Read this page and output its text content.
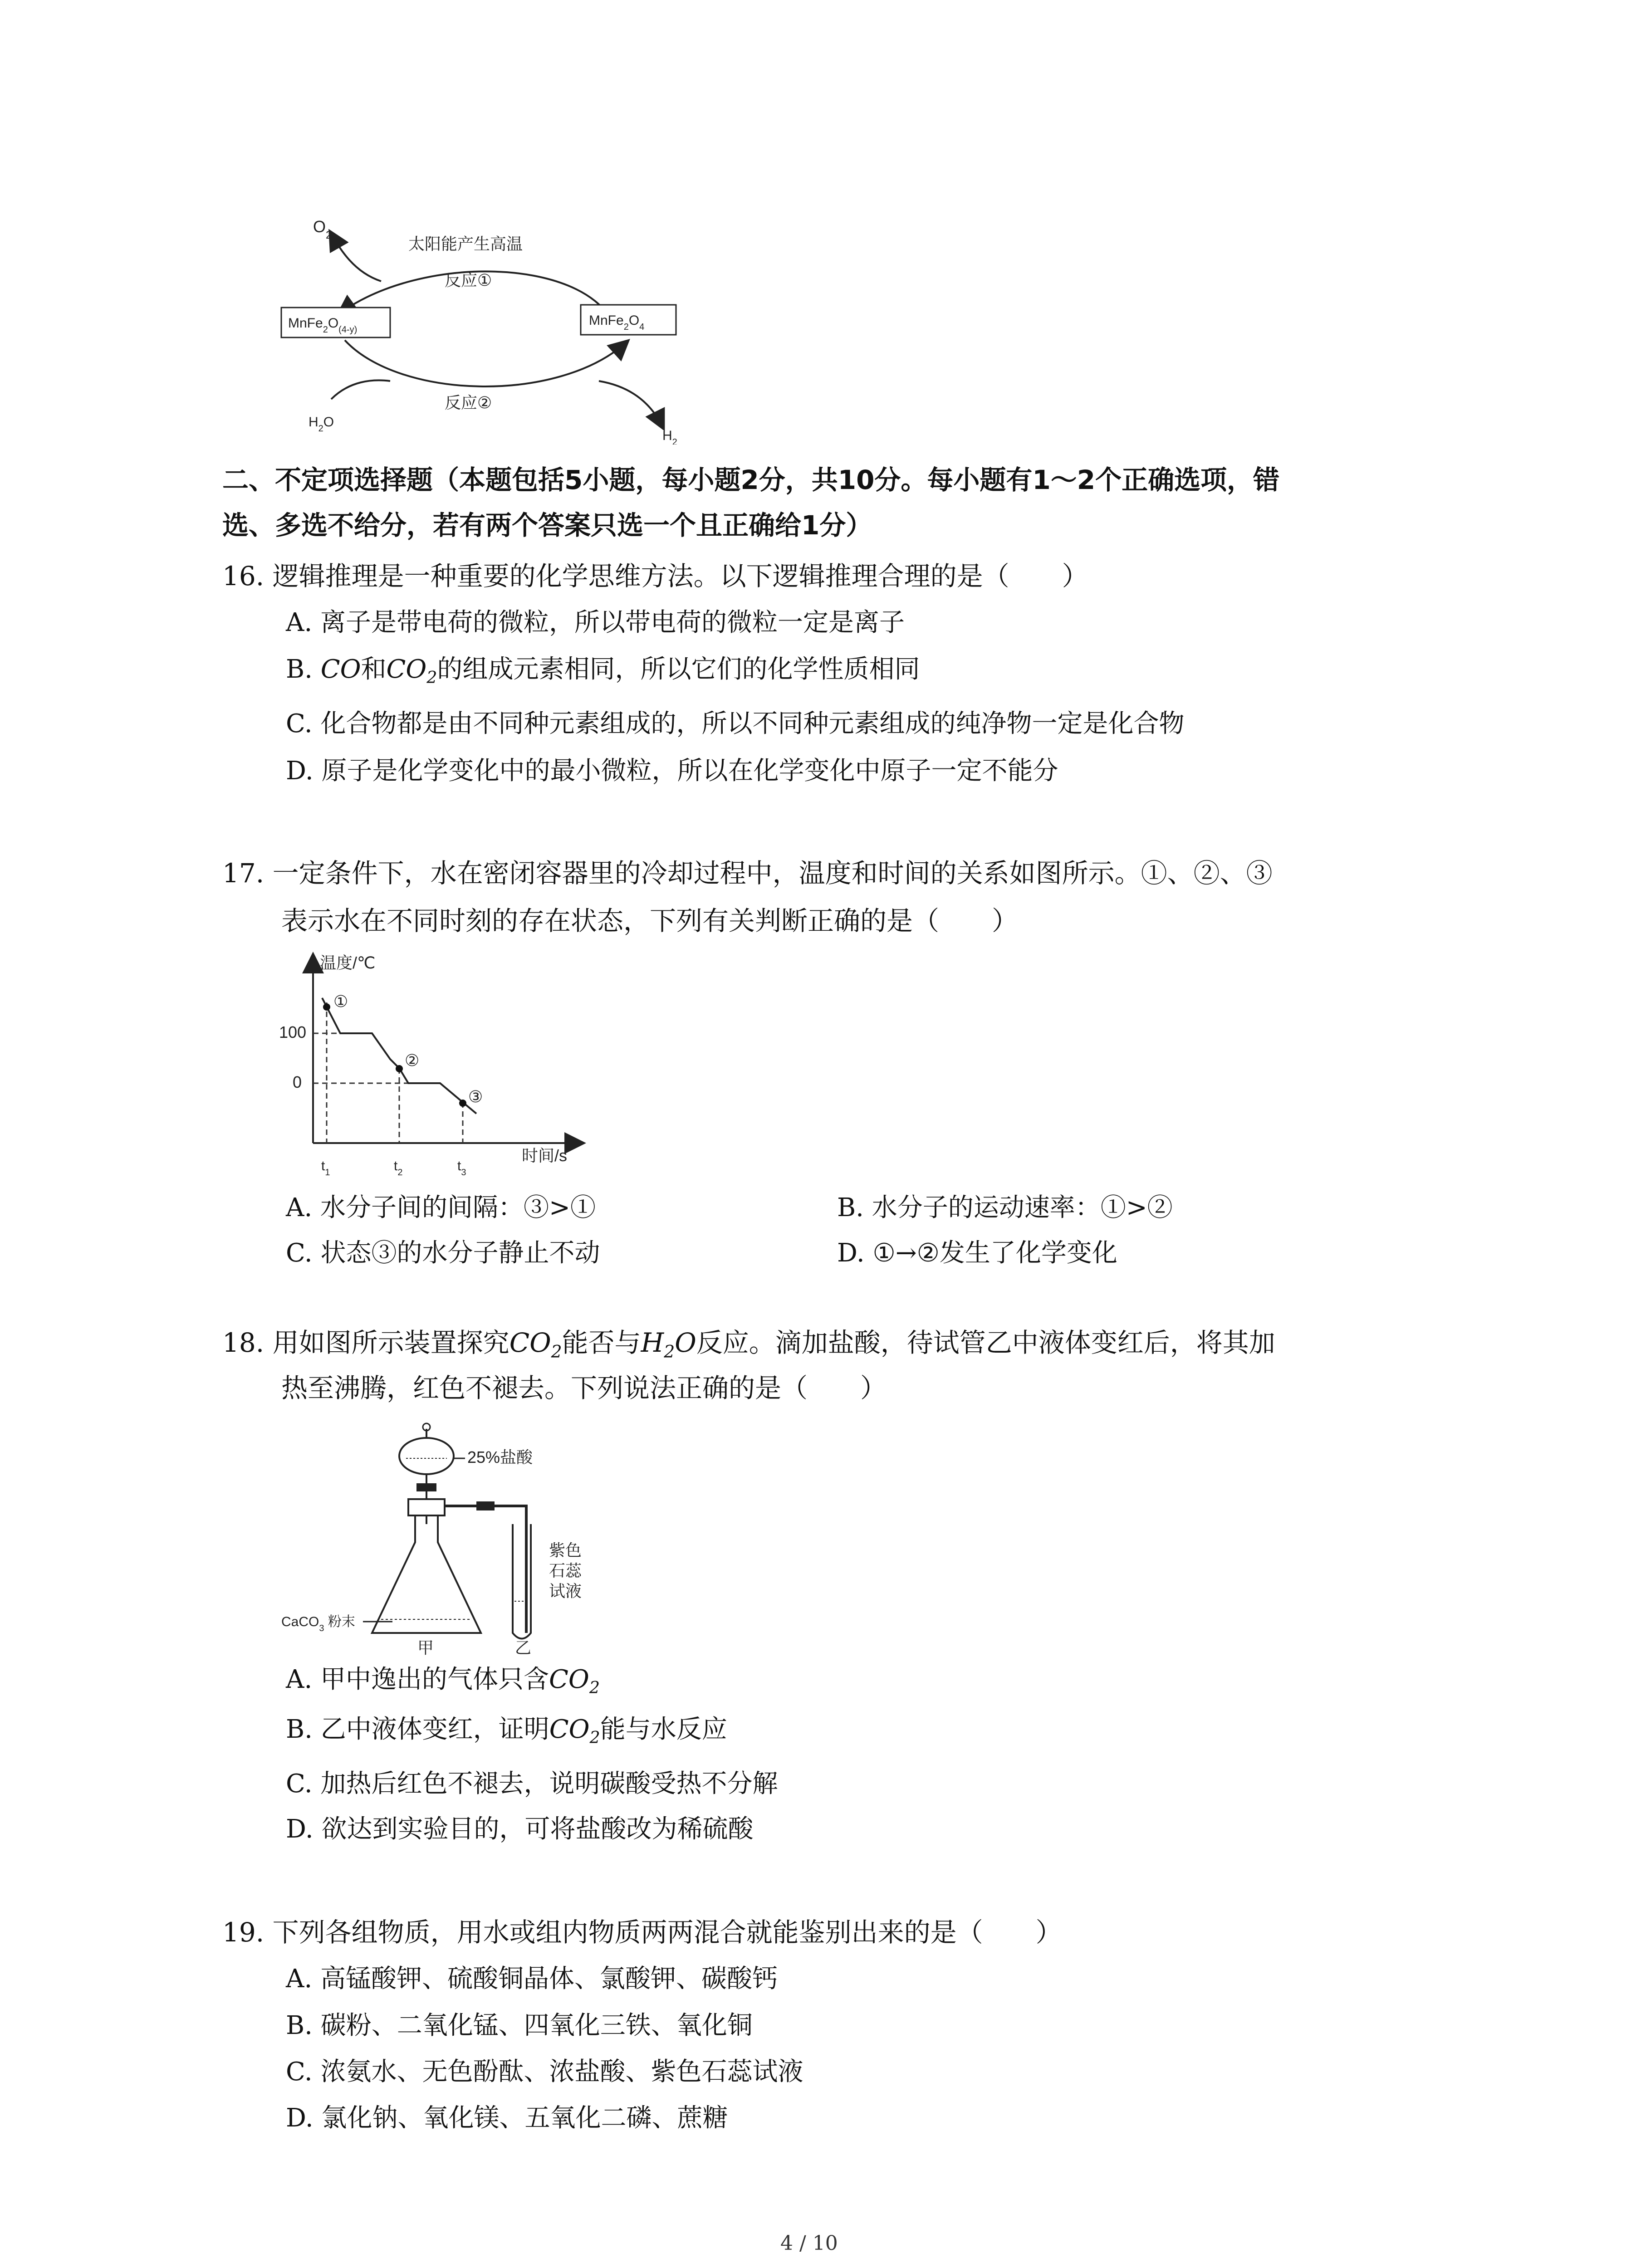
$O_2$	太阳能产生高温
反应①
$MnFe_2O_{(4-y)}$
$MnFe_2O_4$
反应②
$H_2O$
$H_2$
二、不定项选择题（本题包括5小题，每小题2分，共10分。每小题有1～2个正确选项，错
选、多选不给分，若有两个答案只选一个且正确给1分）
16. 逻辑推理是一种重要的化学思维方法。以下逻辑推理合理的是（　　）
A. 离子是带电荷的微粒，所以带电荷的微粒一定是离子
B. CO和$CO_2$的组成元素相同，所以它们的化学性质相同
C. 化合物都是由不同种元素组成的，所以不同种元素组成的纯净物一定是化合物
D. 原子是化学变化中的最小微粒，所以在化学变化中原子一定不能分
17. 一定条件下，水在密闭容器里的冷却过程中，温度和时间的关系如图所示。①、②、③
表示水在不同时刻的存在状态，下列有关判断正确的是（　　）
温度/℃
时间/s
100
0
①
②
③
$t_1$	$t_2$	$t_3$
A. 水分子间的间隔：③>①	B. 水分子的运动速率：①>②
C. 状态③的水分子静止不动	D. ①→②发生了化学变化
18. 用如图所示装置探究$CO_2$能否与$H_2O$反应。滴加盐酸，待试管乙中液体变红后，将其加
热至沸腾，红色不褪去。下列说法正确的是（　　）
25%盐酸
紫色
石蕊
试液
CaCO$_3$ 粉末
甲	乙
A. 甲中逸出的气体只含$CO_2$
B. 乙中液体变红，证明$CO_2$能与水反应
C. 加热后红色不褪去，说明碳酸受热不分解
D. 欲达到实验目的，可将盐酸改为稀硫酸
19. 下列各组物质，用水或组内物质两两混合就能鉴别出来的是（　　）
A. 高锰酸钾、硫酸铜晶体、氯酸钾、碳酸钙
B. 碳粉、二氧化锰、四氧化三铁、氧化铜
C. 浓氨水、无色酚酞、浓盐酸、紫色石蕊试液
D. 氯化钠、氧化镁、五氧化二磷、蔗糖
4 / 10
